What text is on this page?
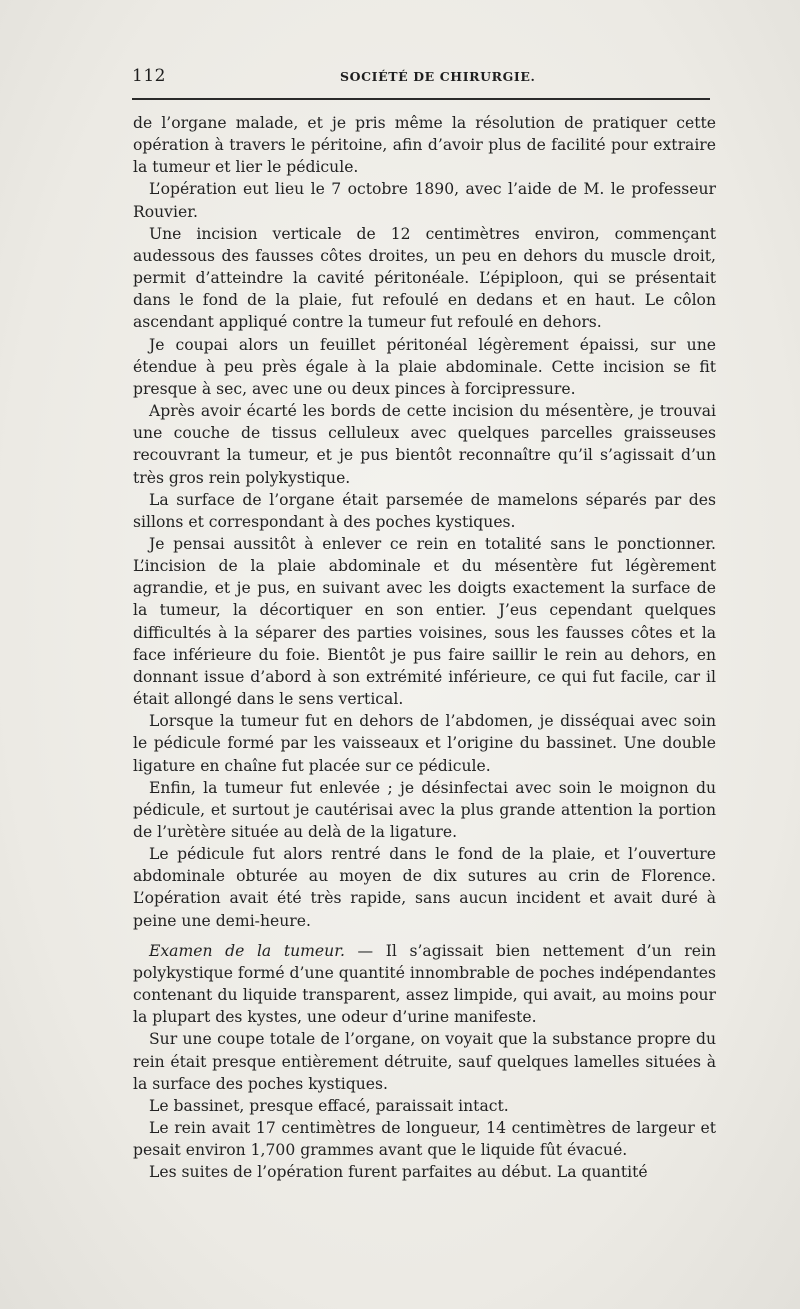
112	SOCIÉTÉ DE CHIRURGIE.

de l’organe malade, et je pris même la résolution de pratiquer cette opération à travers le péritoine, afin d’avoir plus de facilité pour extraire la tumeur et lier le pédicule.

L’opération eut lieu le 7 octobre 1890, avec l’aide de M. le professeur Rouvier.

Une incision verticale de 12 centimètres environ, commençant audessous des fausses côtes droites, un peu en dehors du muscle droit, permit d’atteindre la cavité péritonéale. L’épiploon, qui se présentait dans le fond de la plaie, fut refoulé en dedans et en haut. Le côlon ascendant appliqué contre la tumeur fut refoulé en dehors.

Je coupai alors un feuillet péritonéal légèrement épaissi, sur une étendue à peu près égale à la plaie abdominale. Cette incision se fit presque à sec, avec une ou deux pinces à forcipressure.

Après avoir écarté les bords de cette incision du mésentère, je trouvai une couche de tissus celluleux avec quelques parcelles graisseuses recouvrant la tumeur, et je pus bientôt reconnaître qu’il s’agissait d’un très gros rein polykystique.

La surface de l’organe était parsemée de mamelons séparés par des sillons et correspondant à des poches kystiques.

Je pensai aussitôt à enlever ce rein en totalité sans le ponctionner. L’incision de la plaie abdominale et du mésentère fut légèrement agrandie, et je pus, en suivant avec les doigts exactement la surface de la tumeur, la décortiquer en son entier. J’eus cependant quelques difficultés à la séparer des parties voisines, sous les fausses côtes et la face inférieure du foie. Bientôt je pus faire saillir le rein au dehors, en donnant issue d’abord à son extrémité inférieure, ce qui fut facile, car il était allongé dans le sens vertical.

Lorsque la tumeur fut en dehors de l’abdomen, je disséquai avec soin le pédicule formé par les vaisseaux et l’origine du bassinet. Une double ligature en chaîne fut placée sur ce pédicule.

Enfin, la tumeur fut enlevée ; je désinfectai avec soin le moignon du pédicule, et surtout je cautérisai avec la plus grande attention la portion de l’urètère située au delà de la ligature.

Le pédicule fut alors rentré dans le fond de la plaie, et l’ouverture abdominale obturée au moyen de dix sutures au crin de Florence. L’opération avait été très rapide, sans aucun incident et avait duré à peine une demi-heure.

Examen de la tumeur. — Il s’agissait bien nettement d’un rein polykystique formé d’une quantité innombrable de poches indépendantes contenant du liquide transparent, assez limpide, qui avait, au moins pour la plupart des kystes, une odeur d’urine manifeste.

Sur une coupe totale de l’organe, on voyait que la substance propre du rein était presque entièrement détruite, sauf quelques lamelles situées à la surface des poches kystiques.

Le bassinet, presque effacé, paraissait intact.

Le rein avait 17 centimètres de longueur, 14 centimètres de largeur et pesait environ 1,700 grammes avant que le liquide fût évacué.

Les suites de l’opération furent parfaites au début. La quantité
